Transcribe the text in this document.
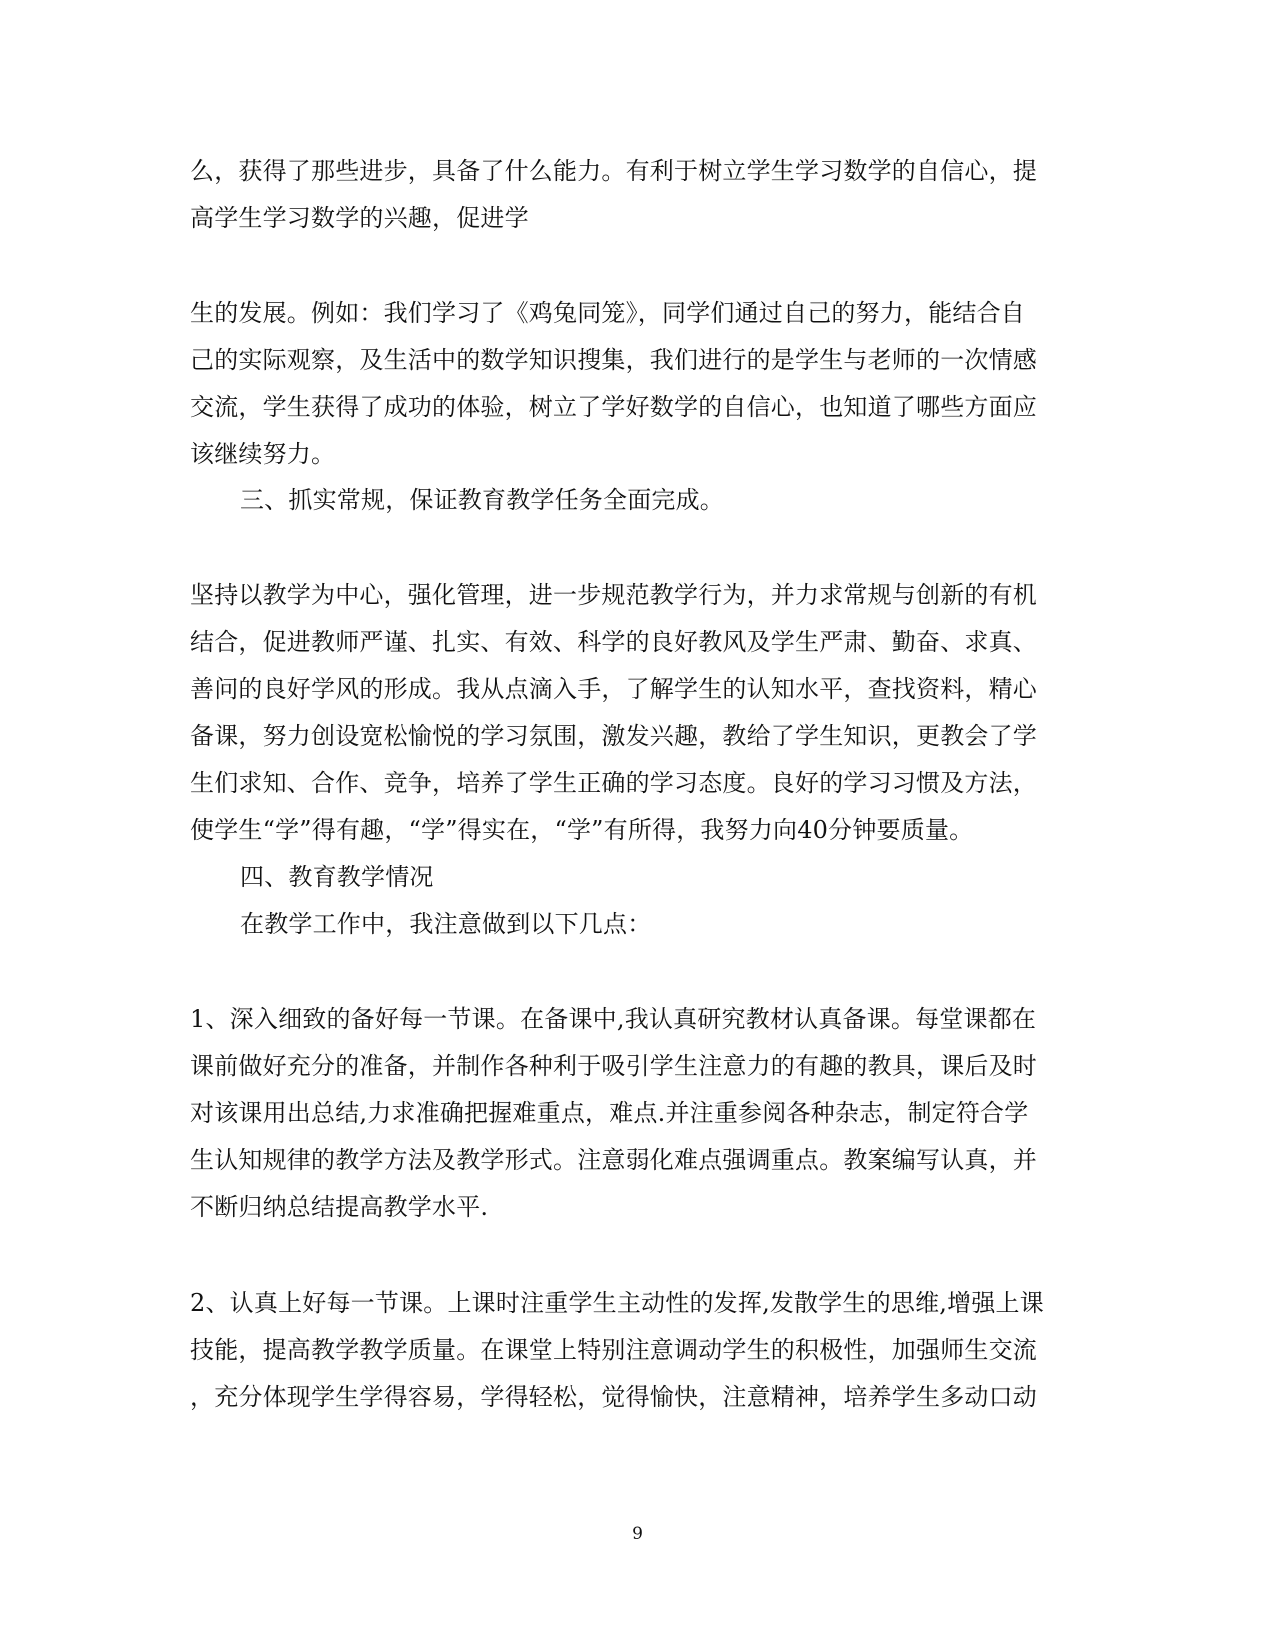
么，获得了那些进步，具备了什么能力。有利于树立学生学习数学的自信心，提
高学生学习数学的兴趣，促进学
生的发展。例如：我们学习了《鸡兔同笼》，同学们通过自己的努力，能结合自
己的实际观察，及生活中的数学知识搜集，我们进行的是学生与老师的一次情感
交流，学生获得了成功的体验，树立了学好数学的自信心，也知道了哪些方面应
该继续努力。
三、抓实常规，保证教育教学任务全面完成。
坚持以教学为中心，强化管理，进一步规范教学行为，并力求常规与创新的有机
结合，促进教师严谨、扎实、有效、科学的良好教风及学生严肃、勤奋、求真、
善问的良好学风的形成。我从点滴入手，了解学生的认知水平，查找资料，精心
备课，努力创设宽松愉悦的学习氛围，激发兴趣，教给了学生知识，更教会了学
生们求知、合作、竞争，培养了学生正确的学习态度。良好的学习习惯及方法，
使学生“学”得有趣，“学”得实在，“学”有所得，我努力向40分钟要质量。
四、教育教学情况
在教学工作中，我注意做到以下几点：
1、深入细致的备好每一节课。在备课中,我认真研究教材认真备课。每堂课都在
课前做好充分的准备，并制作各种利于吸引学生注意力的有趣的教具，课后及时
对该课用出总结,力求准确把握难重点，难点.并注重参阅各种杂志，制定符合学
生认知规律的教学方法及教学形式。注意弱化难点强调重点。教案编写认真，并
不断归纳总结提高教学水平.
2、认真上好每一节课。上课时注重学生主动性的发挥,发散学生的思维,增强上课
技能，提高教学教学质量。在课堂上特别注意调动学生的积极性，加强师生交流
，充分体现学生学得容易，学得轻松，觉得愉快，注意精神，培养学生多动口动
9
